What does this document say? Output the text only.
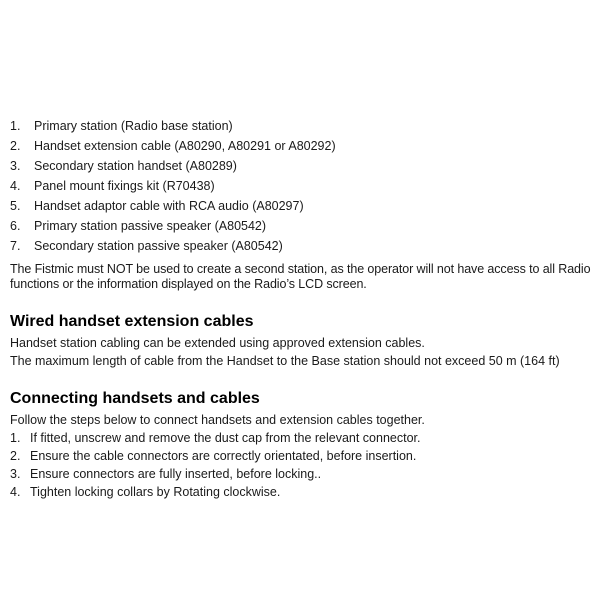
1.	Primary station (Radio base station)
2.	Handset extension cable (A80290, A80291 or A80292)
3.	Secondary station handset (A80289)
4.	Panel mount fixings kit (R70438)
5.	Handset adaptor cable with RCA audio (A80297)
6.	Primary station passive speaker (A80542)
7.	Secondary station passive speaker (A80542)

The Fistmic must NOT be used to create a second station, as the operator will not have access to all Radio functions or the information displayed on the Radio’s LCD screen.

Wired handset extension cables

Handset station cabling can be extended using approved extension cables.

The maximum length of cable from the Handset to the Base station should not exceed 50 m (164 ft)

Connecting handsets and cables

Follow the steps below to connect handsets and extension cables together.

1. If fitted, unscrew and remove the dust cap from the relevant connector.
2. Ensure the cable connectors are correctly orientated, before insertion.
3. Ensure connectors are fully inserted, before locking..
4. Tighten locking collars by Rotating clockwise.
